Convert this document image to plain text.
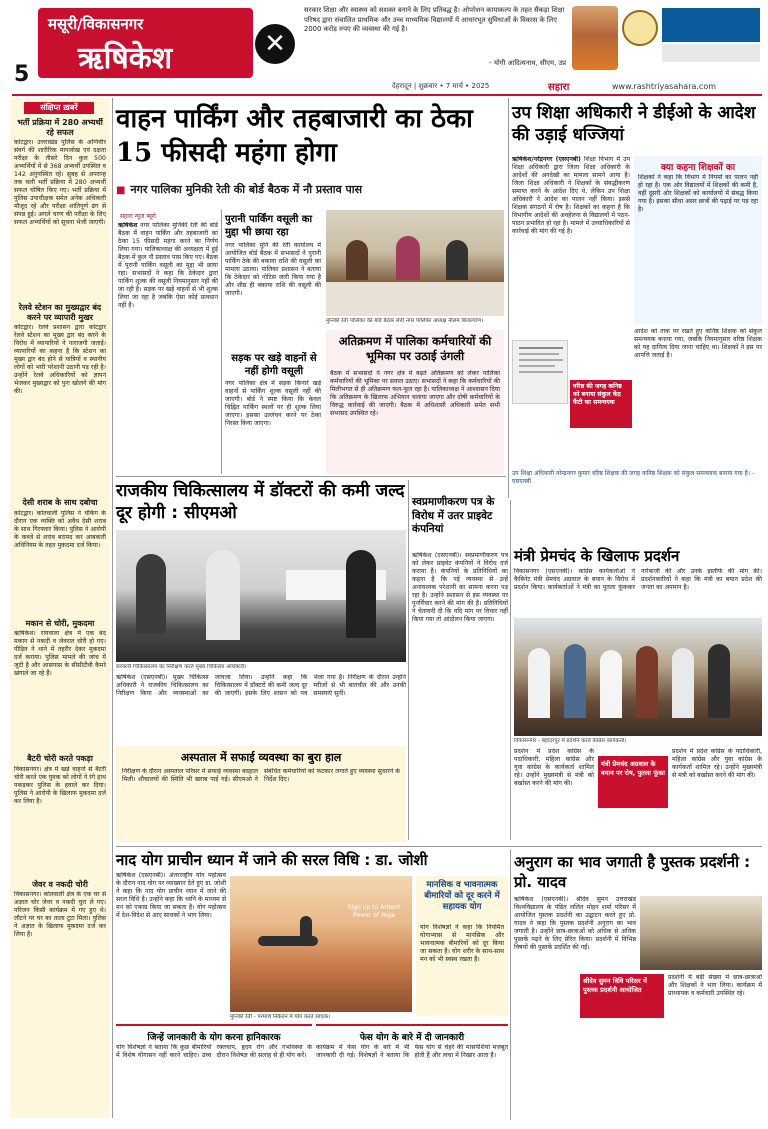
5
मसूरी/विकासनगर
ऋषिकेश	✕
सरकार शिक्षा और स्वास्थ्य को सशक्त बनाने के लिए प्रतिबद्ध है। ओपरेशन कायाकल्प के तहत सैकड़ा शिक्षा परिषद द्वारा संचालित प्राथमिक और उच्च माध्यमिक विद्यालयों में आधारभूत सुविधाओं के विकास के लिए 2000 करोड़ रुपए की व्यवस्था की गई है।
- योगी आदित्यनाथ, सीएम, उप्र
देहरादून | शुक्रवार • 7 मार्च • 2025	सहारा	www.rashtriyasahara.com
संक्षिप्त ख़बरें
भर्ती प्रक्रिया में 280 अभ्यर्थी रहे सफल
कोटद्वार। उत्तराखंड पुलिस के अग्निवीर संवर्ग की शारीरिक मापजोख एवं दक्षता परीक्षा के तीसरे दिन कुल 500 अभ्यर्थियों में से 368 अभ्यर्थी उपस्थित व 142 अनुपस्थित रहे। सुबह से अपरान्ह तक चली भर्ती प्रक्रिया में 280 अभ्यर्थी सफल घोषित किए गए। भर्ती प्रक्रिया में पुलिस उपाधीक्षक समेत अनेक अधिकारी मौजूद रहे और परीक्षा शांतिपूर्ण ढंग से संपन्न हुई। अगले चरण की परीक्षा के लिए सफल अभ्यर्थियों को सूचना भेजी जाएगी।
रेलवे स्टेशन का मुख्यद्वार बंद करने पर व्यापारी मुखर
कोटद्वार। रेलवे प्रशासन द्वारा कोटद्वार रेलवे स्टेशन का मुख्य द्वार बंद करने के विरोध में व्यापारियों ने नाराजगी जताई। व्यापारियों का कहना है कि स्टेशन का मुख्य द्वार बंद होने से यात्रियों व स्थानीय लोगों को भारी परेशानी उठानी पड़ रही है। उन्होंने रेलवे अधिकारियों को ज्ञापन भेजकर मुख्यद्वार को पुनः खोलने की मांग की।
देसी शराब के साथ दबोचा
कोटद्वार। कोतवाली पुलिस ने चेकिंग के दौरान एक व्यक्ति को अवैध देसी शराब के साथ गिरफ्तार किया। पुलिस ने आरोपी के कब्जे से शराब बरामद कर आबकारी अधिनियम के तहत मुकदमा दर्ज किया।
मकान से चोरी, मुकदमा
ऋषिकेश। रायवाला क्षेत्र में एक बंद मकान से नकदी व जेवरात चोरी हो गए। पीड़ित ने थाने में तहरीर देकर मुकदमा दर्ज कराया। पुलिस मामले की जांच में जुटी है और आसपास के सीसीटीवी कैमरे खंगाले जा रहे हैं।
बैटरी चोरी करते पकड़ा
विकासनगर। क्षेत्र में खड़े वाहनों से बैटरी चोरी करते एक युवक को लोगों ने रंगे हाथ पकड़कर पुलिस के हवाले कर दिया। पुलिस ने आरोपी के खिलाफ मुकदमा दर्ज कर लिया है।
जेवर व नकदी चोरी
विकासनगर। कोतवाली क्षेत्र के एक घर से अज्ञात चोर जेवर व नकदी चुरा ले गए। परिजन किसी कार्यक्रम में गए हुए थे। लौटने पर घर का ताला टूटा मिला। पुलिस ने अज्ञात के खिलाफ मुकदमा दर्ज कर लिया है।
वाहन पार्किंग और तहबाजारी का ठेका 15 फीसदी महंगा होगा
■ नगर पालिका मुनिकी रेती की बोर्ड बैठक में नौ प्रस्ताव पास
सहारा न्यूज ब्यूरो
ऋषिकेश नगर पालिका मुनिकी रेती की बोर्ड बैठक में वाहन पार्किंग और तहबाजारी का ठेका 15 फीसदी महंगा करने का निर्णय लिया गया। पालिकाध्यक्ष की अध्यक्षता में हुई बैठक में कुल नौ प्रस्ताव पास किए गए। बैठक में पुरानी पार्किंग वसूली का मुद्दा भी छाया रहा। सभासदों ने कहा कि ठेकेदार द्वारा पार्किंग शुल्क की वसूली नियमानुसार नहीं की जा रही है। सड़क पर खड़े वाहनों से भी शुल्क लिया जा रहा है जबकि ऐसा कोई प्रावधान नहीं है।
पुरानी पार्किंग वसूली का मुद्दा भी छाया रहा
नगर पालिका मुनि की रेती कार्यालय में आयोजित बोर्ड बैठक में सभासदों ने पुरानी पार्किंग ठेके की बकाया राशि की वसूली का मामला उठाया। पालिका प्रशासन ने बताया कि ठेकेदार को नोटिस जारी किया गया है और शीघ्र ही बकाया राशि की वसूली की जाएगी।
सड़क पर खड़े वाहनों से नहीं होगी वसूली
नगर पालिका क्षेत्र में सड़क किनारे खड़े वाहनों से पार्किंग शुल्क वसूली नहीं की जाएगी। बोर्ड ने स्पष्ट किया कि केवल चिह्नित पार्किंग स्थलों पर ही शुल्क लिया जाएगा। इसका उल्लंघन करने पर ठेका निरस्त किया जाएगा।
मुनिकी रेती पालिका की बोर्ड बैठक लेती नगर पालिका अध्यक्ष नीलम बिजल्वाण।
अतिक्रमण में पालिका कर्मचारियों की भूमिका पर उठाई उंगली
बैठक में सभासदों ने नगर क्षेत्र में बढ़ते अतिक्रमण को लेकर पालिका कर्मचारियों की भूमिका पर सवाल उठाए। सभासदों ने कहा कि कर्मचारियों की मिलीभगत से ही अतिक्रमण फल-फूल रहा है। पालिकाध्यक्ष ने आश्वासन दिया कि अतिक्रमण के खिलाफ अभियान चलाया जाएगा और दोषी कर्मचारियों के विरुद्ध कार्रवाई की जाएगी। बैठक में अधिशासी अधिकारी समेत सभी सभासद उपस्थित रहे।
उप शिक्षा अधिकारी ने डीईओ के आदेश की उड़ाई धज्जियां
ऋषिकेश/नरेंद्रनगर (एसएनबी) शिक्षा विभाग में उप शिक्षा अधिकारी द्वारा जिला शिक्षा अधिकारी के आदेशों की अनदेखी का मामला सामने आया है। जिला शिक्षा अधिकारी ने शिक्षकों के संबद्धीकरण समाप्त करने के आदेश दिए थे, लेकिन उप शिक्षा अधिकारी ने आदेश का पालन नहीं किया। इससे शिक्षक संगठनों में रोष है। शिक्षकों का कहना है कि विभागीय आदेशों की अवहेलना से विद्यालयों में पठन-पाठन प्रभावित हो रहा है। मामले में उच्चाधिकारियों से कार्रवाई की मांग की गई है।
क्या कहना शिक्षकों का
शिक्षकों ने कहा कि विभाग में नियमों का पालन नहीं हो रहा है। एक ओर विद्यालयों में शिक्षकों की कमी है, वहीं दूसरी ओर शिक्षकों को कार्यालयों में संबद्ध किया गया है। इसका सीधा असर छात्रों की पढ़ाई पर पड़ रहा है।
आदेश को ताक पर रखते हुए कनिष्ठ शिक्षक को संकुल समन्वयक बनाया गया, जबकि नियमानुसार वरिष्ठ शिक्षक को यह दायित्व दिया जाना चाहिए था। शिक्षकों ने इस पर आपत्ति जताई है।
वरिष्ठ की जगह कनिष्ठ को बनाया संकुल केंद्र कैंटी का समन्वयक
उप शिक्षा अधिकारी नरेन्द्रनगर कुमार वरिष्ठ शिक्षक की जगह कनिष्ठ शिक्षक को संकुल समन्वयक बनाया गया है। - एसएनबी
राजकीय चिकित्सालय में डॉक्टरों की कमी जल्द दूर होगी : सीएमओ
सरकारी चिकित्सालय का निरीक्षण करते मुख्य चिकित्सा अधिकारी।
ऋषिकेश (एसएनबी)। मुख्य चिकित्सा अधिकारी ने राजकीय चिकित्सालय का निरीक्षण किया और व्यवस्थाओं का जायजा लिया। उन्होंने कहा कि चिकित्सालय में डॉक्टरों की कमी जल्द दूर की जाएगी। इसके लिए शासन को पत्र भेजा गया है। निरीक्षण के दौरान उन्होंने मरीजों से भी बातचीत की और उनकी समस्याएं सुनीं।
अस्पताल में सफाई व्यवस्था का बुरा हाल
निरीक्षण के दौरान अस्पताल परिसर में सफाई व्यवस्था बदहाल मिली। शौचालयों की स्थिति भी खराब पाई गई। सीएमओ ने संबंधित कर्मचारियों को फटकार लगाते हुए व्यवस्था सुधारने के निर्देश दिए।
स्वप्रमाणीकरण पत्र के विरोध में उतर प्राइवेट कंपनियां
ऋषिकेश (एसएनबी)। स्वप्रमाणीकरण पत्र को लेकर प्राइवेट कंपनियों ने विरोध दर्ज कराया है। कंपनियों के प्रतिनिधियों का कहना है कि नई व्यवस्था से उन्हें अनावश्यक परेशानी का सामना करना पड़ रहा है। उन्होंने प्रशासन से इस व्यवस्था पर पुनर्विचार करने की मांग की है। प्रतिनिधियों ने चेतावनी दी कि यदि मांग पर विचार नहीं किया गया तो आंदोलन किया जाएगा।
मंत्री प्रेमचंद के खिलाफ प्रदर्शन
विकासनगर (एसएनबी)। कांग्रेस कार्यकर्ताओं ने कैबिनेट मंत्री प्रेमचंद अग्रवाल के बयान के विरोध में प्रदर्शन किया। कार्यकर्ताओं ने मंत्री का पुतला फूंककर नारेबाजी की और उनके इस्तीफे की मांग की। प्रदर्शनकारियों ने कहा कि मंत्री का बयान प्रदेश की जनता का अपमान है।
विकासनगर - बहादरपुर में प्रदर्शन करते कांग्रेस कार्यकर्ता।
प्रदर्शन में प्रदेश कांग्रेस के पदाधिकारी, महिला कांग्रेस और युवा कांग्रेस के कार्यकर्ता शामिल रहे। उन्होंने मुख्यमंत्री से मंत्री को बर्खास्त करने की मांग की।
मंत्री प्रेमचंद अग्रवाल के बयान पर रोष, पुतला फूंका
प्रदर्शन में प्रदेश कांग्रेस के पदाधिकारी, महिला कांग्रेस और युवा कांग्रेस के कार्यकर्ता शामिल रहे। उन्होंने मुख्यमंत्री से मंत्री को बर्खास्त करने की मांग की।
नाद योग प्राचीन ध्यान में जाने की सरल विधि : डा. जोशी
ऋषिकेश (एसएनबी)। अंतरराष्ट्रीय योग महोत्सव के दौरान नाद योग पर व्याख्यान देते हुए डा. जोशी ने कहा कि नाद योग प्राचीन ध्यान में जाने की सरल विधि है। उन्होंने कहा कि ध्वनि के माध्यम से मन को एकाग्र किया जा सकता है। योग महोत्सव में देश-विदेश से आए साधकों ने भाग लिया।
Sign up to Ardent Power of Yoga
मुनिकी रेती - परमार्थ निकेतन में योग करते साधक।
मानसिक व भावनात्मक बीमारियों को दूर करने में सहायक योग
योग विशेषज्ञों ने कहा कि नियमित योगाभ्यास से मानसिक और भावनात्मक बीमारियों को दूर किया जा सकता है। योग शरीर के साथ-साथ मन को भी स्वस्थ रखता है।
जिन्हें जानकारी के योग करना हानिकारक
योग विशेषज्ञों ने बताया कि कुछ बीमारियों में विशेष योगासन नहीं करने चाहिए। उच्च रक्तचाप, हृदय रोग और गर्भावस्था के दौरान विशेषज्ञ की सलाह से ही योग करें।
फेस योग के बारे में दी जानकारी
कार्यक्रम में फेस योग के बारे में भी जानकारी दी गई। विशेषज्ञों ने बताया कि फेस योग से चेहरे की मांसपेशियां मजबूत होती हैं और त्वचा में निखार आता है।
अनुराग का भाव जगाती है पुस्तक प्रदर्शनी : प्रो. यादव
ऋषिकेश (एसएनबी)। श्रीदेव सुमन उत्तराखंड विश्वविद्यालय के पंडित ललित मोहन शर्मा परिसर में आयोजित पुस्तक प्रदर्शनी का उद्घाटन करते हुए प्रो. यादव ने कहा कि पुस्तक प्रदर्शनी अनुराग का भाव जगाती है। उन्होंने छात्र-छात्राओं को अधिक से अधिक पुस्तकें पढ़ने के लिए प्रेरित किया। प्रदर्शनी में विभिन्न विषयों की पुस्तकें प्रदर्शित की गईं।
श्रीदेव सुमन विवि परिसर में पुस्तक प्रदर्शनी आयोजित
प्रदर्शनी में बड़ी संख्या में छात्र-छात्राओं और शिक्षकों ने भाग लिया। कार्यक्रम में प्राध्यापक व कर्मचारी उपस्थित रहे।
